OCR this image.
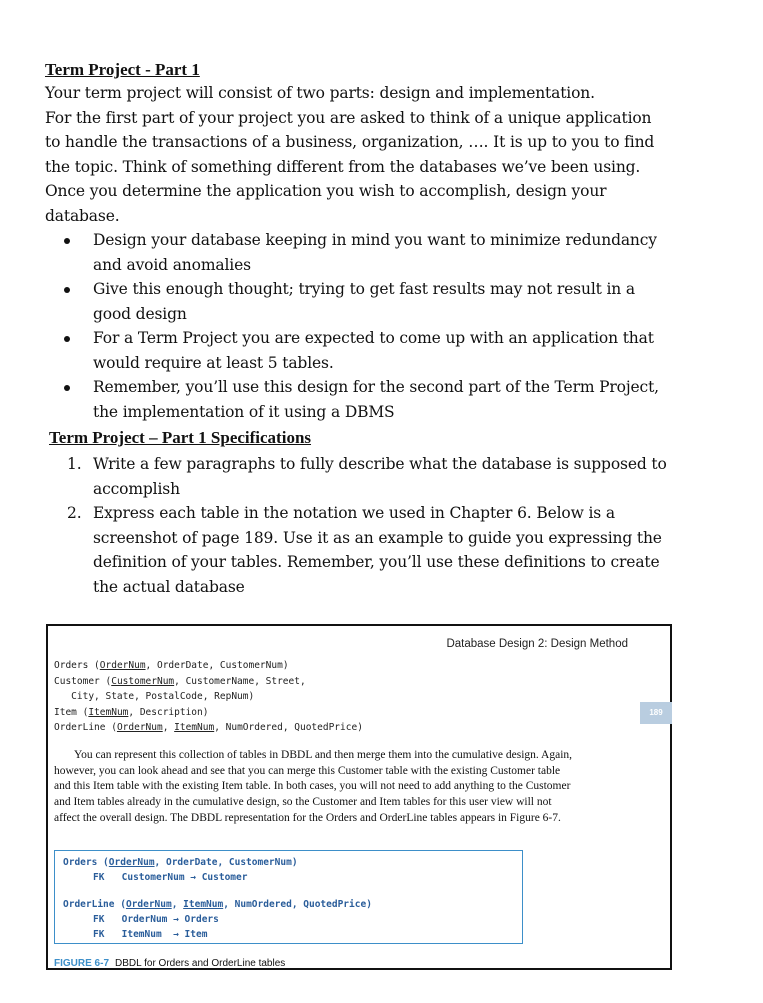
Term Project - Part 1
Your term project will consist of two parts: design and implementation.
For the first part of your project you are asked to think of a unique application
to handle the transactions of a business, organization, …. It is up to you to find
the topic. Think of something different from the databases we’ve been using.
Once you determine the application you wish to accomplish, design your
database.
Design your database keeping in mind you want to minimize redundancy
and avoid anomalies
Give this enough thought; trying to get fast results may not result in a
good design
For a Term Project you are expected to come up with an application that
would require at least 5 tables.
Remember, you’ll use this design for the second part of the Term Project,
the implementation of it using a DBMS
Term Project – Part 1 Specifications
1. Write a few paragraphs to fully describe what the database is supposed to
accomplish
2. Express each table in the notation we used in Chapter 6. Below is a
screenshot of page 189. Use it as an example to guide you expressing the
definition of your tables. Remember, you’ll use these definitions to create
the actual database
Database Design 2: Design Method
189
Orders (OrderNum, OrderDate, CustomerNum)
Customer (CustomerNum, CustomerName, Street,
City, State, PostalCode, RepNum)
Item (ItemNum, Description)
OrderLine (OrderNum, ItemNum, NumOrdered, QuotedPrice)
You can represent this collection of tables in DBDL and then merge them into the cumulative design. Again,
however, you can look ahead and see that you can merge this Customer table with the existing Customer table
and this Item table with the existing Item table. In both cases, you will not need to add anything to the Customer
and Item tables already in the cumulative design, so the Customer and Item tables for this user view will not
affect the overall design. The DBDL representation for the Orders and OrderLine tables appears in Figure 6-7.
Orders (OrderNum, OrderDate, CustomerNum)
FK CustomerNum → Customer
OrderLine (OrderNum, ItemNum, NumOrdered, QuotedPrice)
FK OrderNum → Orders
FK ItemNum  → Item
FIGURE 6-7 DBDL for Orders and OrderLine tables
